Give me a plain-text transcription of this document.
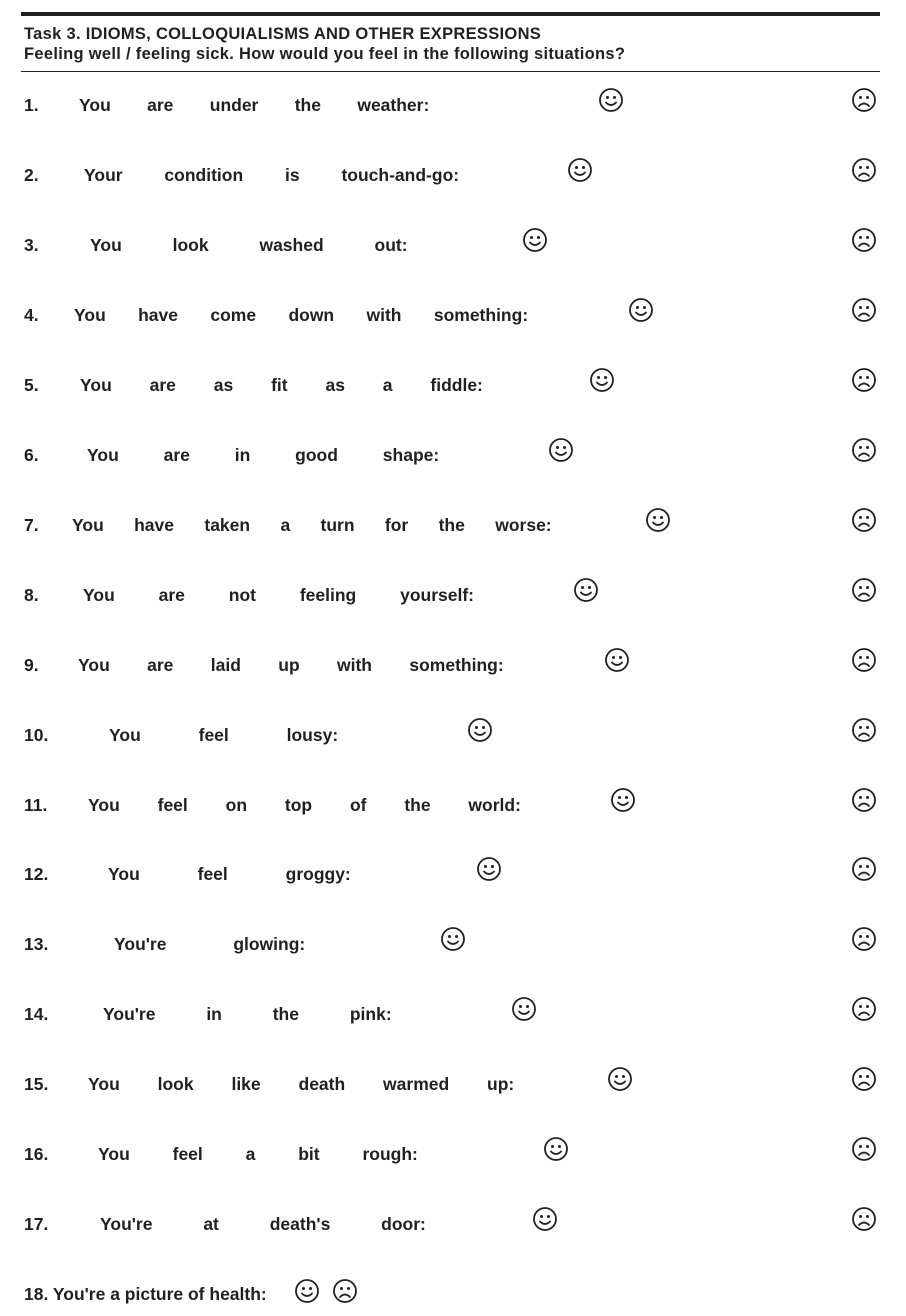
Task 3. IDIOMS, COLLOQUIALISMS AND OTHER EXPRESSIONS
Feeling well / feeling sick. How would you feel in the following situations?
1. You are under the weather:
2.	Your condition is touch-and-go:
3.	You look washed out:
4. You have come down with something:
5. You are as fit as a fiddle:
6.	You are in good shape:
7. You have taken a turn for the worse:
8.	You are not feeling yourself:
9. You are laid up with something:
10.	You feel lousy:
11. You feel on top of the world:
12.	You feel groggy:
13.	You're glowing:
14.	You're in the pink:
15. You look like death warmed up:
16.	You feel a bit rough:
17.	You're at death's door:
18. You're a picture of health:
